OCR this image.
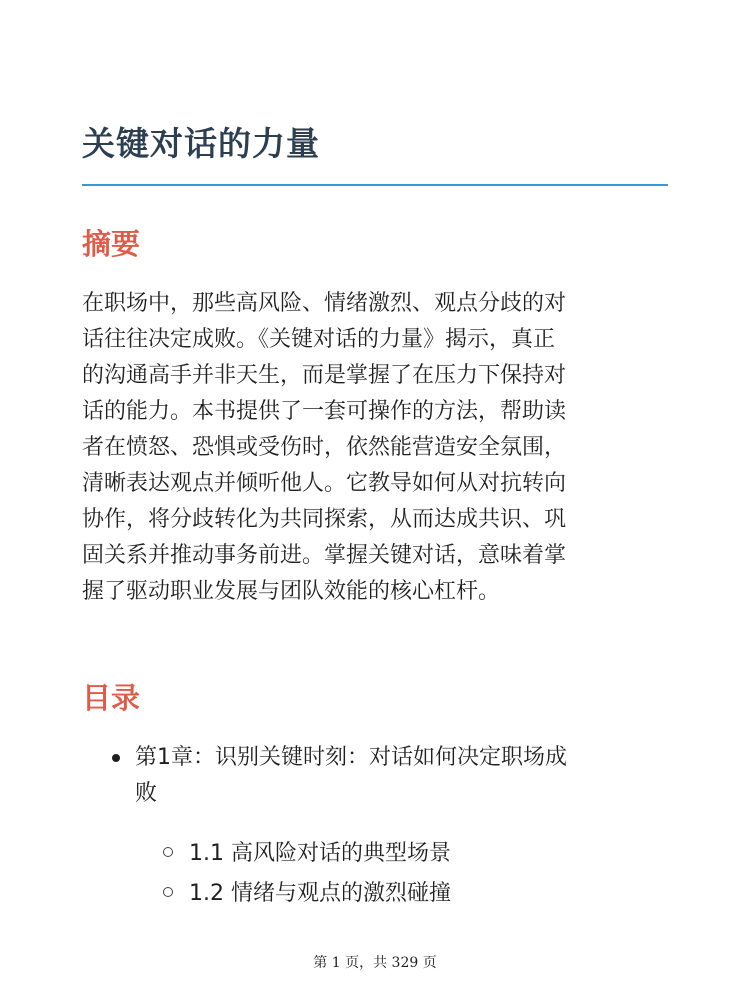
关键对话的力量
摘要
在职场中，那些高风险、情绪激烈、观点分歧的对
话往往决定成败。《关键对话的力量》揭示，真正
的沟通高手并非天生，而是掌握了在压力下保持对
话的能力。本书提供了一套可操作的方法，帮助读
者在愤怒、恐惧或受伤时，依然能营造安全氛围，
清晰表达观点并倾听他人。它教导如何从对抗转向
协作，将分歧转化为共同探索，从而达成共识、巩
固关系并推动事务前进。掌握关键对话，意味着掌
握了驱动职业发展与团队效能的核心杠杆。
目录
第1章：识别关键时刻：对话如何决定职场成
败
1.1 高风险对话的典型场景
1.2 情绪与观点的激烈碰撞
第 1 页，共 329 页
